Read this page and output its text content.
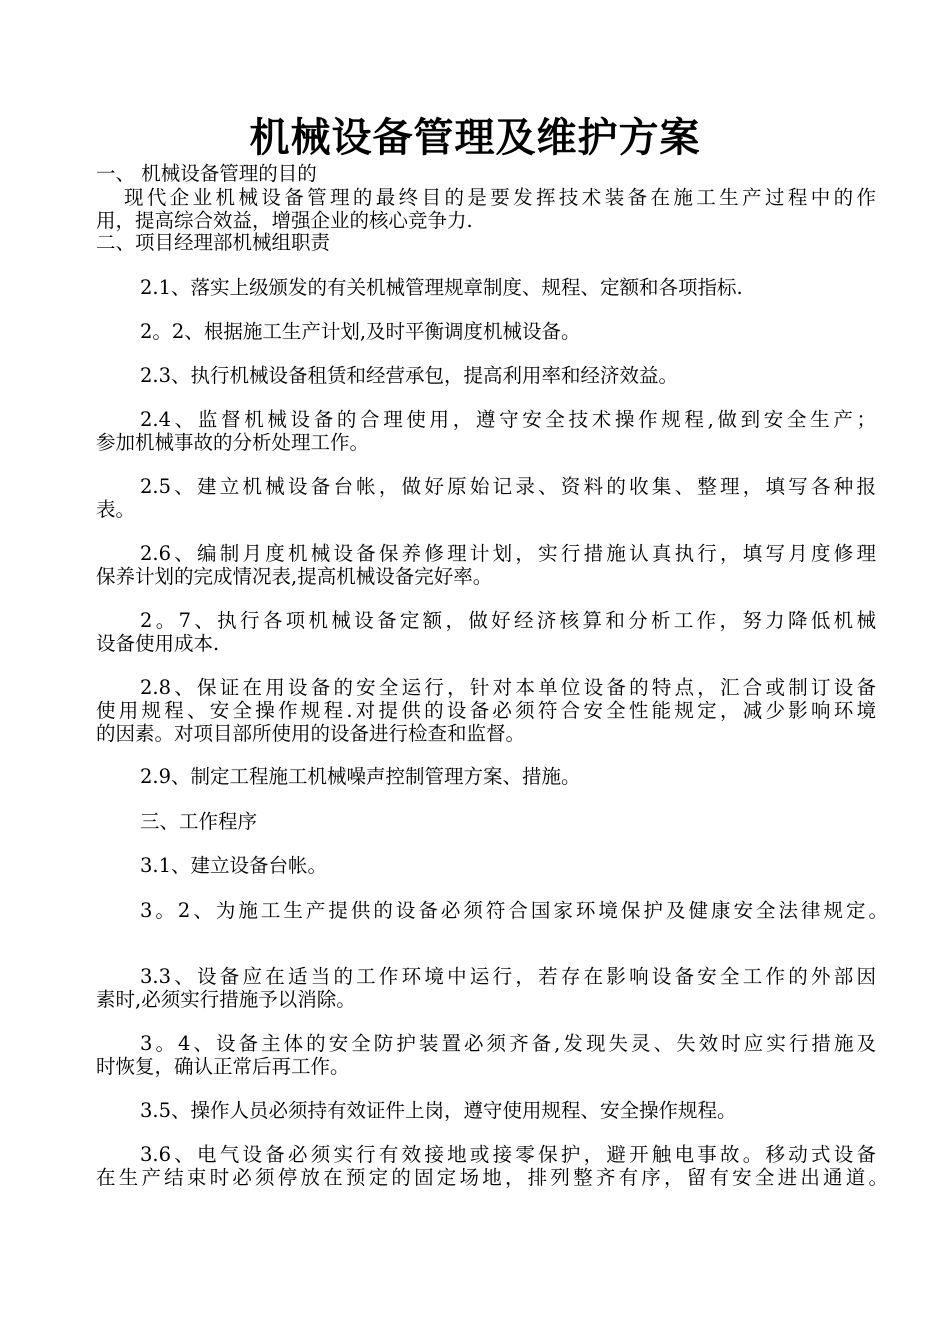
机械设备管理及维护方案
一、 机械设备管理的目的
现代企业机械设备管理的最终目的是要发挥技术装备在施工生产过程中的作
用，提高综合效益，增强企业的核心竞争力.
二、项目经理部机械组职责
2.1、落实上级颁发的有关机械管理规章制度、规程、定额和各项指标.
2。2、根据施工生产计划,及时平衡调度机械设备。
2.3、执行机械设备租赁和经营承包，提高利用率和经济效益。
2.4、监督机械设备的合理使用，遵守安全技术操作规程,做到安全生产；
参加机械事故的分析处理工作。
2.5、建立机械设备台帐，做好原始记录、资料的收集、整理，填写各种报
表。
2.6、编制月度机械设备保养修理计划，实行措施认真执行，填写月度修理
保养计划的完成情况表,提高机械设备完好率。
2。7、执行各项机械设备定额，做好经济核算和分析工作，努力降低机械
设备使用成本.
2.8、保证在用设备的安全运行，针对本单位设备的特点，汇合或制订设备
使用规程、安全操作规程.对提供的设备必须符合安全性能规定，减少影响环境
的因素。对项目部所使用的设备进行检查和监督。
2.9、制定工程施工机械噪声控制管理方案、措施。
三、工作程序
3.1、建立设备台帐。
3。2、为施工生产提供的设备必须符合国家环境保护及健康安全法律规定。
3.3、设备应在适当的工作环境中运行，若存在影响设备安全工作的外部因
素时,必须实行措施予以消除。
3。4、设备主体的安全防护装置必须齐备,发现失灵、失效时应实行措施及
时恢复，确认正常后再工作。
3.5、操作人员必须持有效证件上岗，遵守使用规程、安全操作规程。
3.6、电气设备必须实行有效接地或接零保护，避开触电事故。移动式设备
在生产结束时必须停放在预定的固定场地，排列整齐有序，留有安全进出通道。
